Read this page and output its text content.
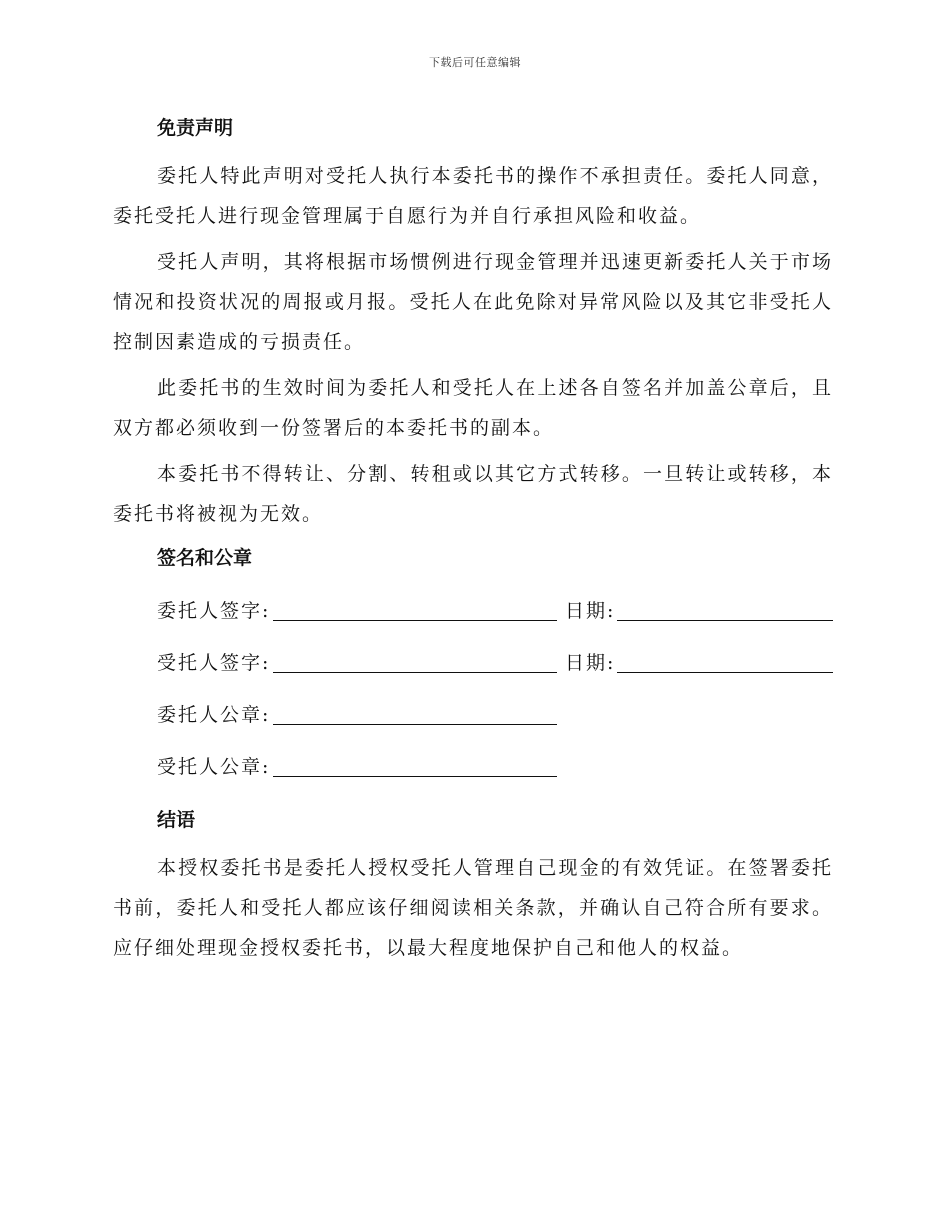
下载后可任意编辑
免责声明

委托人特此声明对受托人执行本委托书的操作不承担责任。委托人同意，委托受托人进行现金管理属于自愿行为并自行承担风险和收益。

受托人声明，其将根据市场惯例进行现金管理并迅速更新委托人关于市场情况和投资状况的周报或月报。受托人在此免除对异常风险以及其它非受托人控制因素造成的亏损责任。

此委托书的生效时间为委托人和受托人在上述各自签名并加盖公章后，且双方都必须收到一份签署后的本委托书的副本。

本委托书不得转让、分割、转租或以其它方式转移。一旦转让或转移，本委托书将被视为无效。

签名和公章
委托人签字:	日期:
受托人签字:	日期:
委托人公章:
受托人公章:
结语

本授权委托书是委托人授权受托人管理自己现金的有效凭证。在签署委托书前，委托人和受托人都应该仔细阅读相关条款，并确认自己符合所有要求。应仔细处理现金授权委托书，以最大程度地保护自己和他人的权益。
